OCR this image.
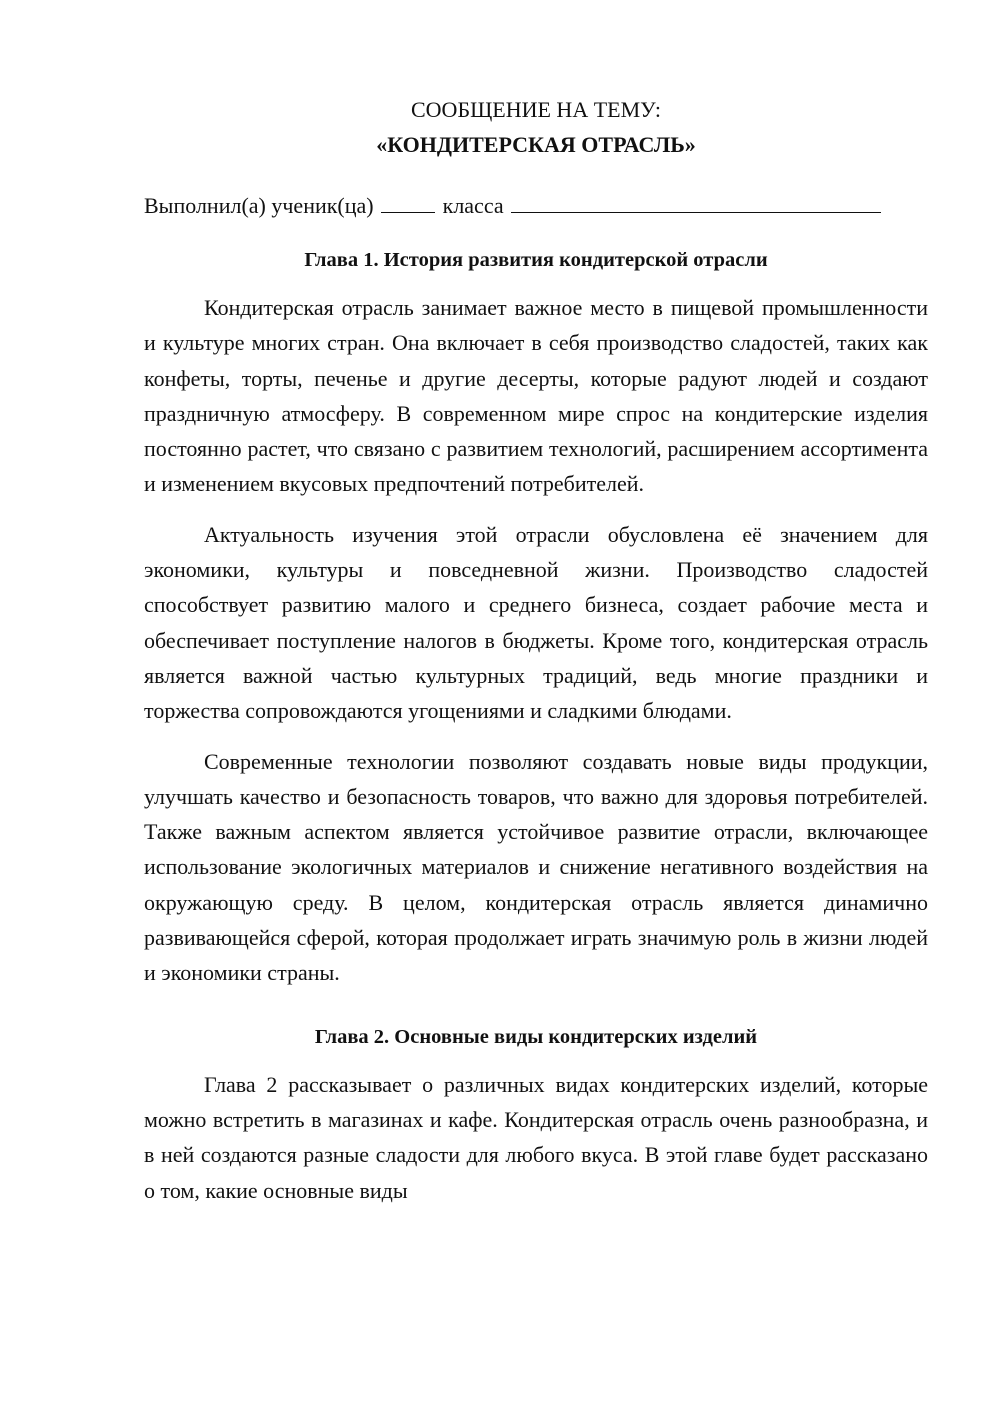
СООБЩЕНИЕ НА ТЕМУ:
«КОНДИТЕРСКАЯ ОТРАСЛЬ»
Выполнил(а) ученик(ца)	класса
Глава 1. История развития кондитерской отрасли

Кондитерская отрасль занимает важное место в пищевой промышленности и культуре многих стран. Она включает в себя производство сладостей, таких как конфеты, торты, печенье и другие десерты, которые радуют людей и создают праздничную атмосферу. В современном мире спрос на кондитерские изделия постоянно растет, что связано с развитием технологий, расширением ассортимента и изменением вкусовых предпочтений потребителей.

Актуальность изучения этой отрасли обусловлена её значением для экономики, культуры и повседневной жизни. Производство сладостей способствует развитию малого и среднего бизнеса, создает рабочие места и обеспечивает поступление налогов в бюджеты. Кроме того, кондитерская отрасль является важной частью культурных традиций, ведь многие праздники и торжества сопровождаются угощениями и сладкими блюдами.

Современные технологии позволяют создавать новые виды продукции, улучшать качество и безопасность товаров, что важно для здоровья потребителей. Также важным аспектом является устойчивое развитие отрасли, включающее использование экологичных материалов и снижение негативного воздействия на окружающую среду. В целом, кондитерская отрасль является динамично развивающейся сферой, которая продолжает играть значимую роль в жизни людей и экономики страны.

Глава 2. Основные виды кондитерских изделий

Глава 2 рассказывает о различных видах кондитерских изделий, которые можно встретить в магазинах и кафе. Кондитерская отрасль очень разнообразна, и в ней создаются разные сладости для любого вкуса. В этой главе будет рассказано о том, какие основные виды
